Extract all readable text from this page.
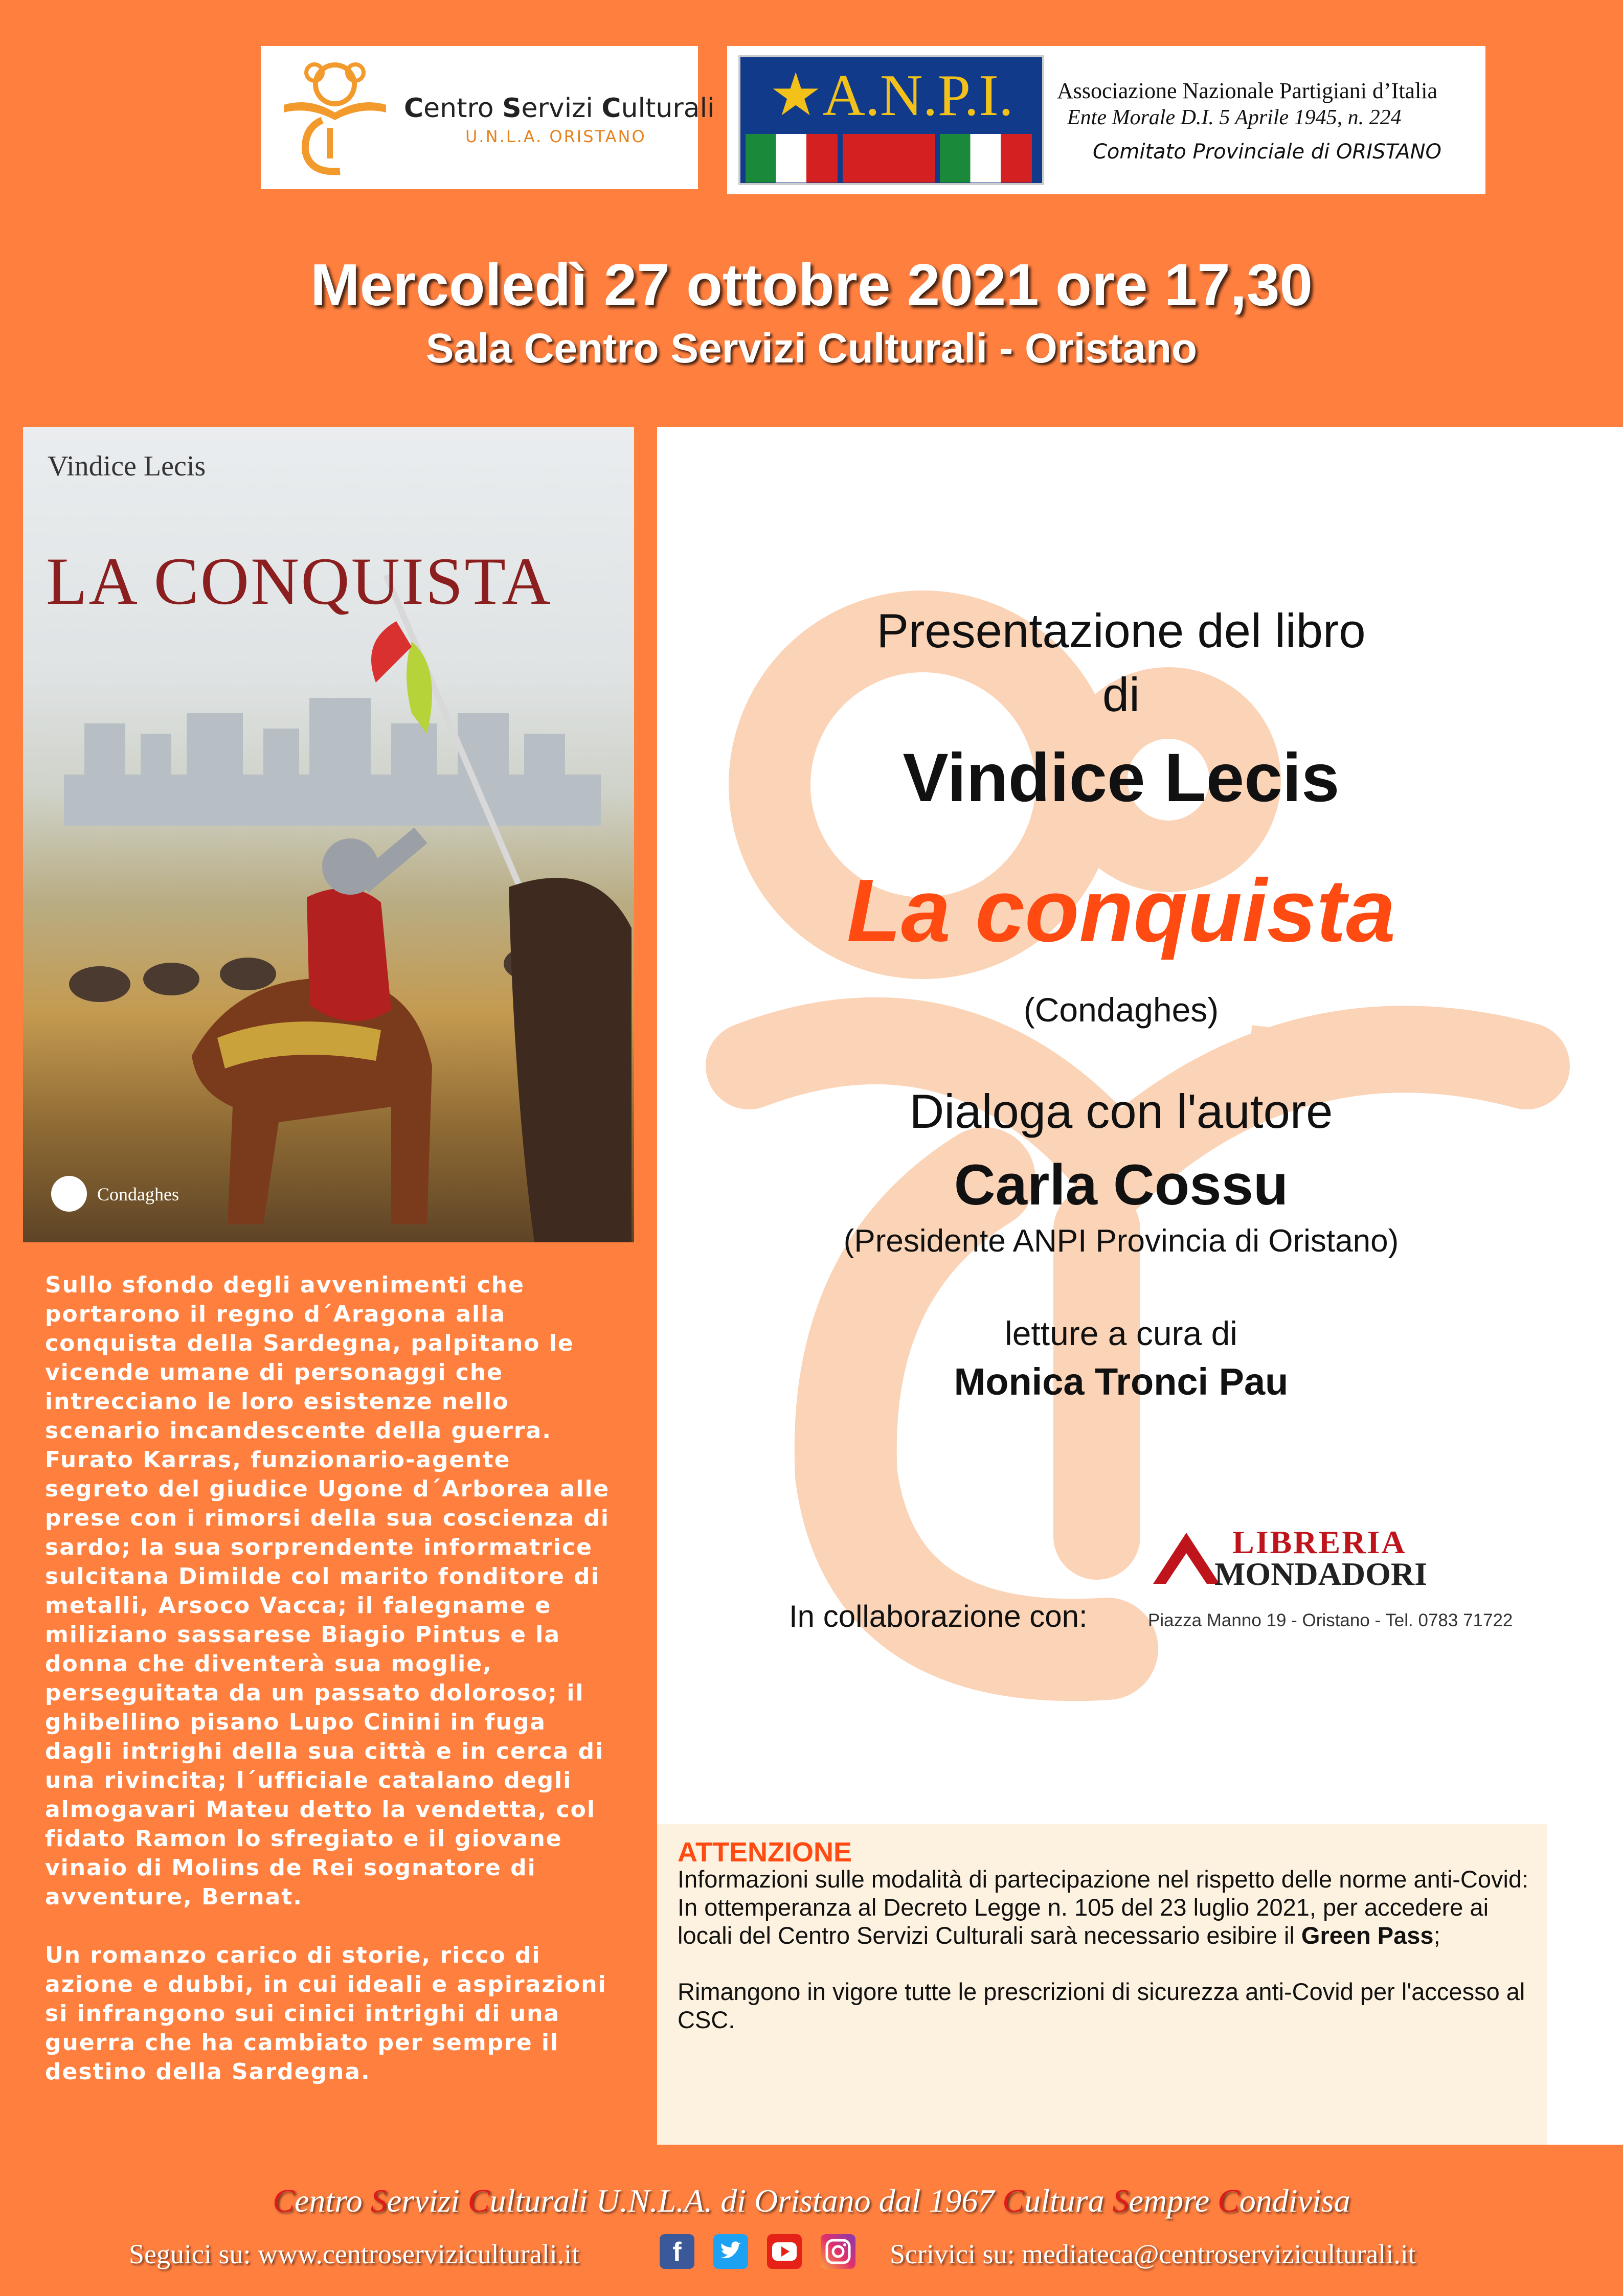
Centro Servizi Culturali
U.N.L.A. ORISTANO
★A.N.P.I.	Associazione Nazionale Partigiani d’Italia
Ente Morale D.I. 5 Aprile 1945, n. 224
Comitato Provinciale di ORISTANO
Mercoledì 27 ottobre 2021 ore 17,30
Sala Centro Servizi Culturali - Oristano
Vindice Lecis
LA CONQUISTA
Condaghes

Sullo sfondo degli avvenimenti che portarono il regno d´Aragona alla conquista della Sardegna, palpitano le vicende umane di personaggi che intrecciano le loro esistenze nello scenario incandescente della guerra. Furato Karras, funzionario-agente segreto del giudice Ugone d´Arborea alle prese con i rimorsi della sua coscienza di sardo; la sua sorprendente informatrice sulcitana Dimilde col marito fonditore di metalli, Arsoco Vacca; il falegname e miliziano sassarese Biagio Pintus e la donna che diventerà sua moglie, perseguitata da un passato doloroso; il ghibellino pisano Lupo Cinini in fuga dagli intrighi della sua città e in cerca di una rivincita; l´ufficiale catalano degli almogavari Mateu detto la vendetta, col fidato Ramon lo sfregiato e il giovane vinaio di Molins de Rei sognatore di avventure, Bernat.

Un romanzo carico di storie, ricco di azione e dubbi, in cui ideali e aspirazioni si infrangono sui cinici intrighi di una guerra che ha cambiato per sempre il destino della Sardegna.

Presentazione del libro
di
Vindice Lecis
La conquista
(Condaghes)
Dialoga con l'autore
Carla Cossu
(Presidente ANPI Provincia di Oristano)
letture a cura di
Monica Tronci Pau
In collaborazione con:
LIBRERIA
MONDADORI
Piazza Manno 19 - Oristano - Tel. 0783 71722
ATTENZIONE

Informazioni sulle modalità di partecipazione nel rispetto delle norme anti-Covid:

In ottemperanza al Decreto Legge n. 105 del 23 luglio 2021, per accedere ai locali del Centro Servizi Culturali sarà necessario esibire il Green Pass;

Rimangono in vigore tutte le prescrizioni di sicurezza anti-Covid per l'accesso al CSC.

Centro Servizi Culturali U.N.L.A. di Oristano dal 1967 Cultura Sempre Condivisa
Seguici su: www.centroserviziculturali.it	f	Scrivici su: mediateca@centroserviziculturali.it
